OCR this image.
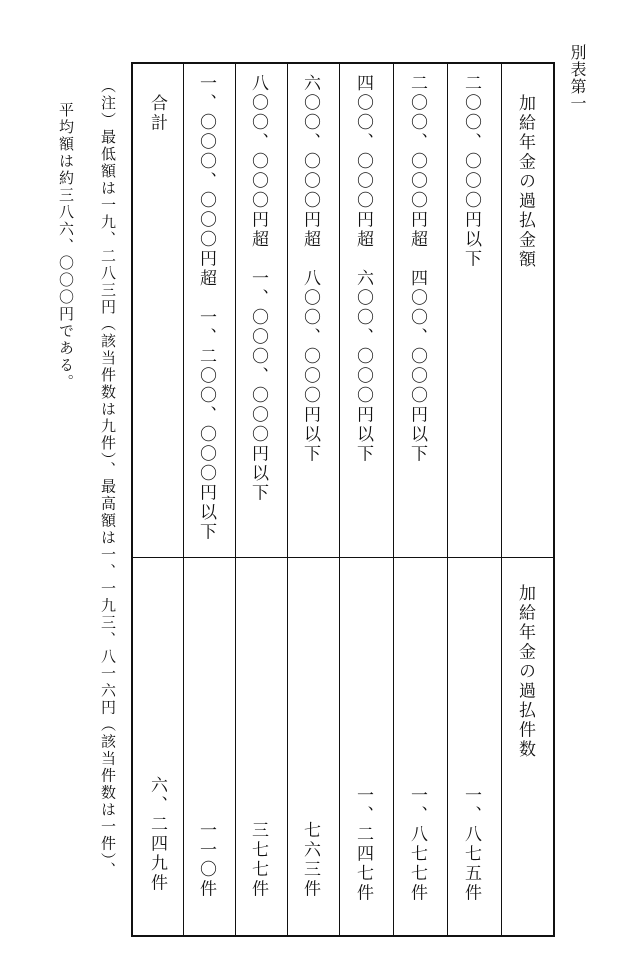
別表第一

加給年金の過払金額
加給年金の過払件数
二〇〇、〇〇〇円以下
一、八七五件
二〇〇、〇〇〇円超　四〇〇、〇〇〇円以下
一、八七七件
四〇〇、〇〇〇円超　六〇〇、〇〇〇円以下
一、二四七件
六〇〇、〇〇〇円超　八〇〇、〇〇〇円以下
七六三件
八〇〇、〇〇〇円超　一、〇〇〇、〇〇〇円以下
三七七件
一、〇〇〇、〇〇〇円超　一、二〇〇、〇〇〇円以下
一一〇件
合計
六、二四九件

（注）最低額は一九、二八三円（該当件数は九件）、最高額は一、一九三、八一六円（該当件数は一件）、

平均額は約三八六、〇〇〇円である。
